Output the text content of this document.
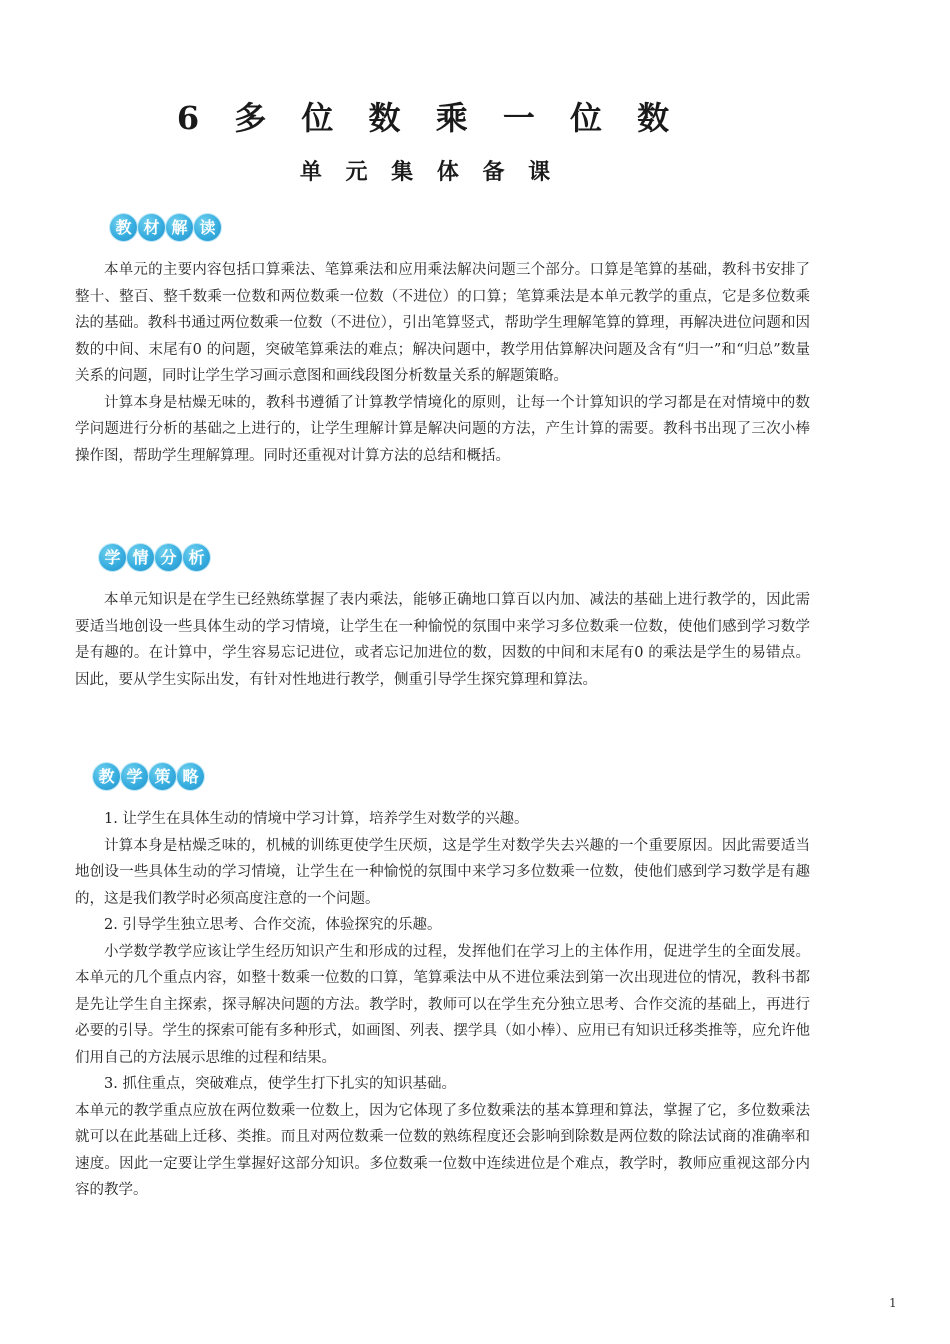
6 多 位 数 乘 一 位 数
单 元 集 体 备 课
教 材 解 读

本单元的主要内容包括口算乘法、笔算乘法和应用乘法解决问题三个部分。口算是笔算的基础，教科书安排了整十、整百、整千数乘一位数和两位数乘一位数（不进位）的口算；笔算乘法是本单元教学的重点，它是多位数乘法的基础。教科书通过两位数乘一位数（不进位），引出笔算竖式，帮助学生理解笔算的算理，再解决进位问题和因数的中间、末尾有0 的问题，突破笔算乘法的难点；解决问题中，教学用估算解决问题及含有“归一”和“归总”数量关系的问题，同时让学生学习画示意图和画线段图分析数量关系的解题策略。

计算本身是枯燥无味的，教科书遵循了计算教学情境化的原则，让每一个计算知识的学习都是在对情境中的数学问题进行分析的基础之上进行的，让学生理解计算是解决问题的方法，产生计算的需要。教科书出现了三次小棒操作图，帮助学生理解算理。同时还重视对计算方法的总结和概括。

学 情 分 析

本单元知识是在学生已经熟练掌握了表内乘法，能够正确地口算百以内加、减法的基础上进行教学的，因此需要适当地创设一些具体生动的学习情境，让学生在一种愉悦的氛围中来学习多位数乘一位数，使他们感到学习数学是有趣的。在计算中，学生容易忘记进位，或者忘记加进位的数，因数的中间和末尾有0 的乘法是学生的易错点。因此，要从学生实际出发，有针对性地进行教学，侧重引导学生探究算理和算法。

教 学 策 略

1. 让学生在具体生动的情境中学习计算，培养学生对数学的兴趣。

计算本身是枯燥乏味的，机械的训练更使学生厌烦，这是学生对数学失去兴趣的一个重要原因。因此需要适当地创设一些具体生动的学习情境，让学生在一种愉悦的氛围中来学习多位数乘一位数，使他们感到学习数学是有趣的，这是我们教学时必须高度注意的一个问题。

2. 引导学生独立思考、合作交流，体验探究的乐趣。

小学数学教学应该让学生经历知识产生和形成的过程，发挥他们在学习上的主体作用，促进学生的全面发展。本单元的几个重点内容，如整十数乘一位数的口算，笔算乘法中从不进位乘法到第一次出现进位的情况，教科书都是先让学生自主探索，探寻解决问题的方法。教学时，教师可以在学生充分独立思考、合作交流的基础上，再进行必要的引导。学生的探索可能有多种形式，如画图、列表、摆学具（如小棒）、应用已有知识迁移类推等，应允许他们用自己的方法展示思维的过程和结果。

3. 抓住重点，突破难点，使学生打下扎实的知识基础。

本单元的教学重点应放在两位数乘一位数上，因为它体现了多位数乘法的基本算理和算法，掌握了它，多位数乘法就可以在此基础上迁移、类推。而且对两位数乘一位数的熟练程度还会影响到除数是两位数的除法试商的准确率和速度。因此一定要让学生掌握好这部分知识。多位数乘一位数中连续进位是个难点，教学时，教师应重视这部分内容的教学。

1
